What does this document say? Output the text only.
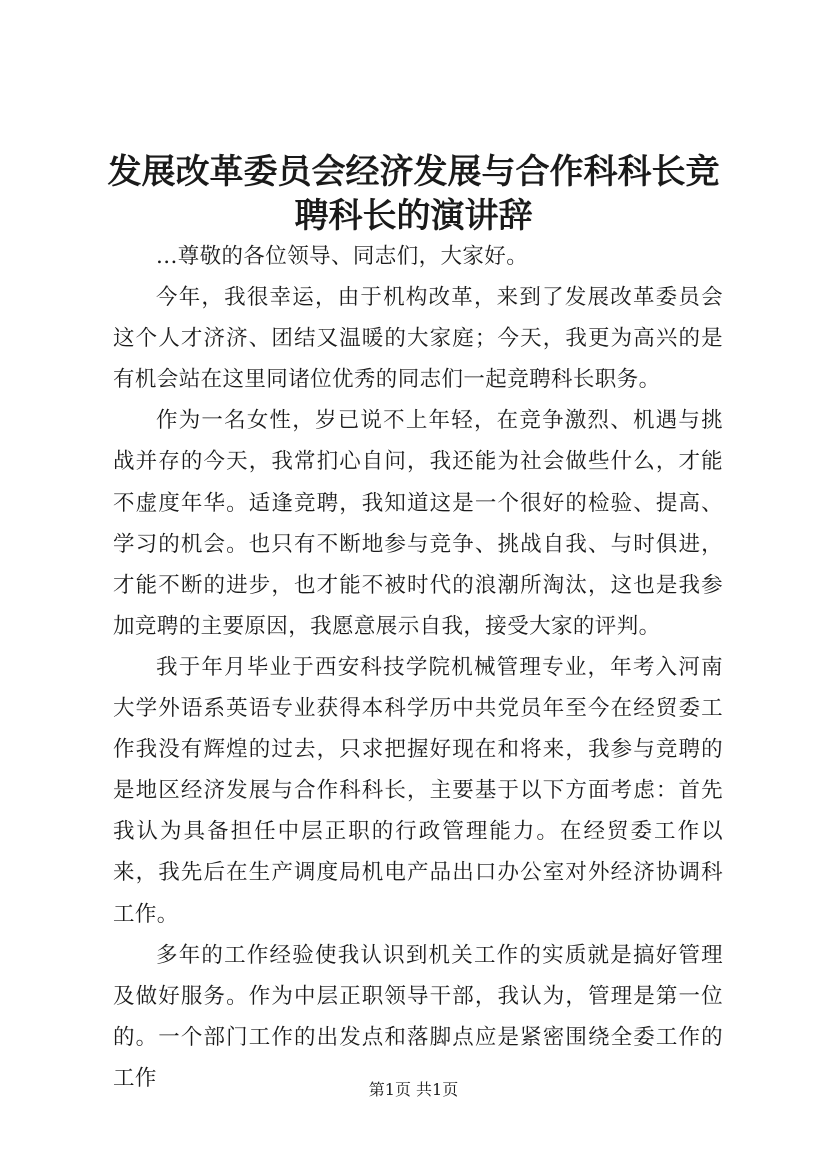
发展改革委员会经济发展与合作科科长竞聘科长的演讲辞

...尊敬的各位领导、同志们，大家好。

今年，我很幸运，由于机构改革，来到了发展改革委员会这个人才济济、团结又温暖的大家庭；今天，我更为高兴的是有机会站在这里同诸位优秀的同志们一起竞聘科长职务。

作为一名女性，岁已说不上年轻，在竞争激烈、机遇与挑战并存的今天，我常扪心自问，我还能为社会做些什么，才能不虚度年华。适逢竞聘，我知道这是一个很好的检验、提高、学习的机会。也只有不断地参与竞争、挑战自我、与时俱进，才能不断的进步，也才能不被时代的浪潮所淘汰，这也是我参加竞聘的主要原因，我愿意展示自我，接受大家的评判。

我于年月毕业于西安科技学院机械管理专业，年考入河南大学外语系英语专业获得本科学历中共党员年至今在经贸委工作我没有辉煌的过去，只求把握好现在和将来，我参与竞聘的是地区经济发展与合作科科长，主要基于以下方面考虑：首先我认为具备担任中层正职的行政管理能力。在经贸委工作以来，我先后在生产调度局机电产品出口办公室对外经济协调科工作。

多年的工作经验使我认识到机关工作的实质就是搞好管理及做好服务。作为中层正职领导干部，我认为，管理是第一位的。一个部门工作的出发点和落脚点应是紧密围绕全委工作的工作	第1页 共1页
